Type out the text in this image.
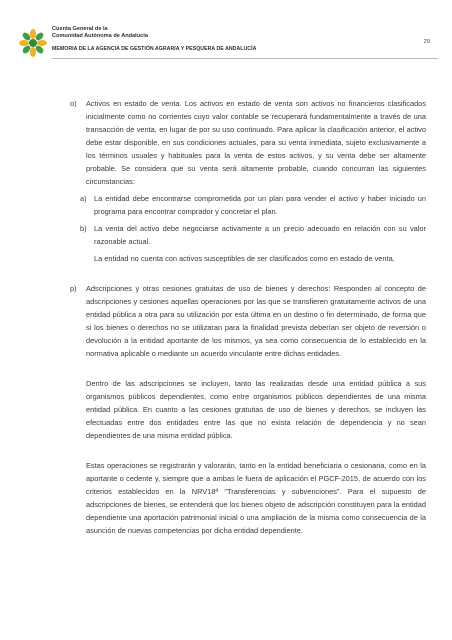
Cuenta General de la
Comunidad Autónoma de Andalucía
29
MEMORIA DE LA AGENCIA DE GESTIÓN AGRARIA Y PESQUERA DE ANDALUCÍA
o) Activos en estado de venta. Los activos en estado de venta son activos no financieros clasificados inicialmente como no corrientes cuyo valor contable se recuperará fundamentalmente a través de una transacción de venta, en lugar de por su uso continuado. Para aplicar la clasificación anterior, el activo debe estar disponible, en sus condiciones actuales, para su venta inmediata, sujeto exclusivamente a los términos usuales y habituales para la venta de estos activos, y su venta debe ser altamente probable. Se considera que su venta será altamente probable, cuando concurran las siguientes circunstancias:

a) La entidad debe encontrarse comprometida por un plan para vender el activo y haber iniciado un programa para encontrar comprador y concretar el plan.

b) La venta del activo debe negociarse activamente a un precio adecuado en relación con su valor razonable actual.

La entidad no cuenta con activos susceptibles de ser clasificados como en estado de venta.

p) Adscripciones y otras cesiones gratuitas de uso de bienes y derechos: Responden al concepto de adscripciones y cesiones aquellas operaciones por las que se transfieren gratuitamente activos de una entidad pública a otra para su utilización por esta última en un destino o fin determinado, de forma que si los bienes o derechos no se utilizaran para la finalidad prevista deberían ser objeto de reversión o devolución a la entidad aportante de los mismos, ya sea como consecuencia de lo establecido en la normativa aplicable o mediante un acuerdo vinculante entre dichas entidades.

Dentro de las adscripciones se incluyen, tanto las realizadas desde una entidad pública a sus organismos públicos dependientes, como entre organismos públicos dependientes de una misma entidad pública. En cuanto a las cesiones gratuitas de uso de bienes y derechos, se incluyen las efectuadas entre dos entidades entre las que no exista relación de dependencia y no sean dependientes de una misma entidad pública.

Estas operaciones se registrarán y valorarán, tanto en la entidad beneficiaria o cesionaria, como en la aportante o cedente y, siempre que a ambas le fuera de aplicación el PGCF-2015, de acuerdo con los criterios establecidos en la NRV18ª "Transferencias y subvenciones". Para el supuesto de adscripciones de bienes, se entenderá que los bienes objeto de adscripción constituyen para la entidad dependiente una aportación patrimonial inicial o una ampliación de la misma como consecuencia de la asunción de nuevas competencias por dicha entidad dependiente.
